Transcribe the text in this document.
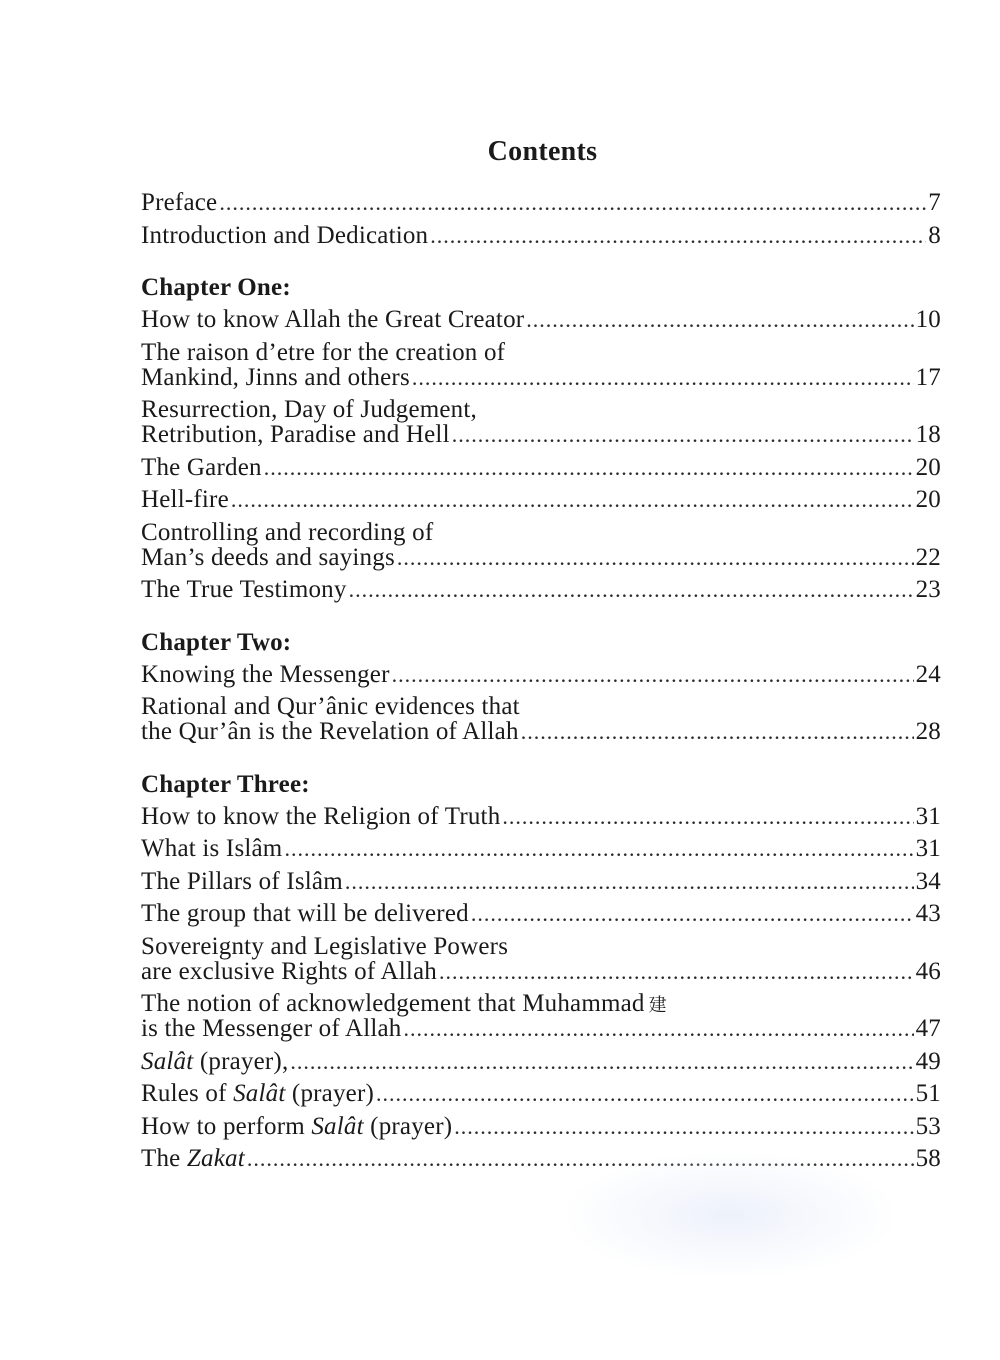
Contents
Preface .....	7
Introduction and Dedication .....	8
Chapter One:
How to know Allah the Great Creator .....	10
The raison d’etre for the creation of
Mankind, Jinns and others .....	17
Resurrection, Day of Judgement,
Retribution, Paradise and Hell .....	18
The Garden .....	20
Hell-fire .....	20
Controlling and recording of
Man’s deeds and sayings .....	22
The True Testimony .....	23
Chapter Two:
Knowing the Messenger .....	24
Rational and Qur’ânic evidences that
the Qur’ân is the Revelation of Allah .....	28
Chapter Three:
How to know the Religion of Truth .....	31
What is Islâm .....	31
The Pillars of Islâm .....	34
The group that will be delivered .....	43
Sovereignty and Legislative Powers
are exclusive Rights of Allah .....	46
The notion of acknowledgement that Muhammad 建
is the Messenger of Allah .....	47
Salât (prayer), .....	49
Rules of Salât (prayer) .....	51
How to perform Salât (prayer) .....	53
The Zakat .....	58
